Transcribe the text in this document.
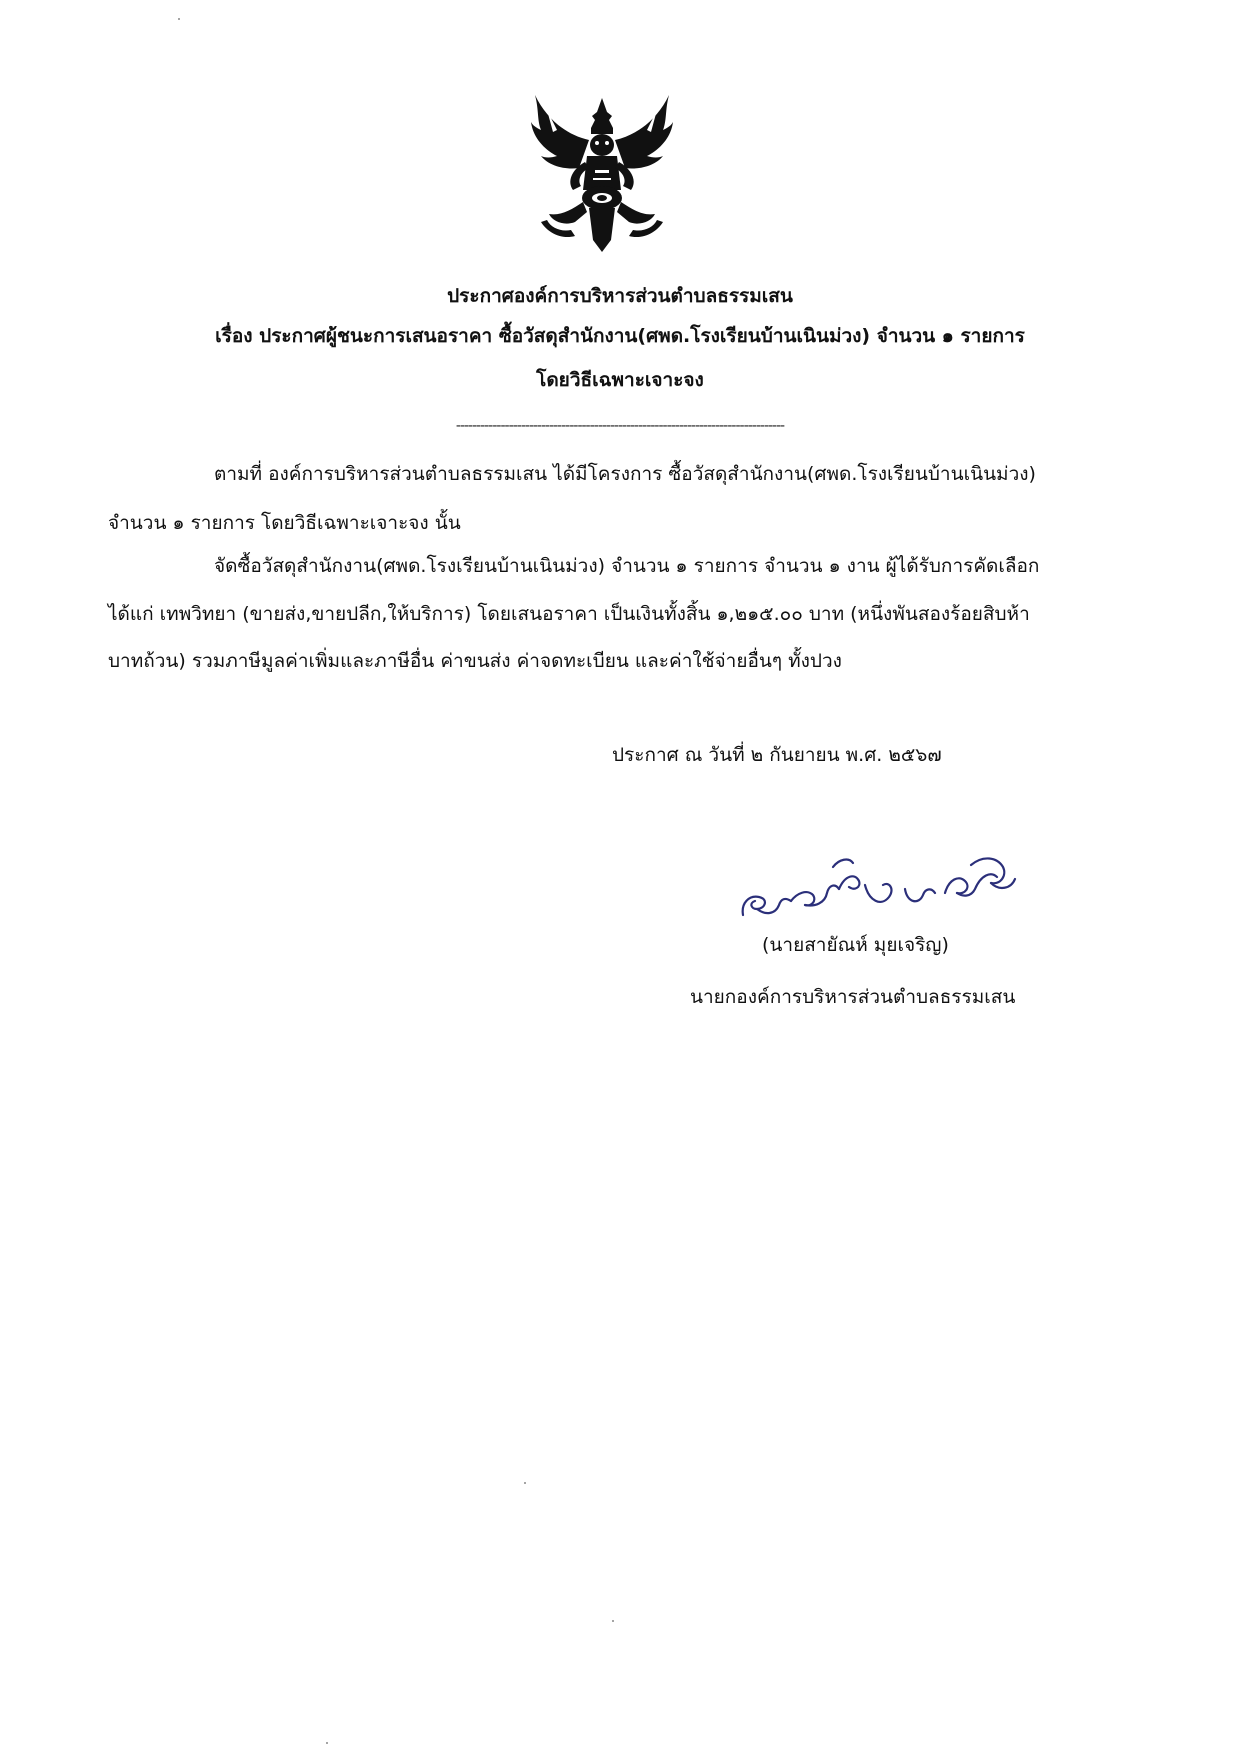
ประกาศองค์การบริหารส่วนตำบลธรรมเสน
เรื่อง ประกาศผู้ชนะการเสนอราคา ซื้อวัสดุสำนักงาน(ศพด.โรงเรียนบ้านเนินม่วง) จำนวน ๑ รายการ
โดยวิธีเฉพาะเจาะจง
---------------------------------------------------------------------------------
ตามที่ องค์การบริหารส่วนตำบลธรรมเสน ได้มีโครงการ ซื้อวัสดุสำนักงาน(ศพด.โรงเรียนบ้านเนินม่วง)
จำนวน ๑ รายการ โดยวิธีเฉพาะเจาะจง นั้น
จัดซื้อวัสดุสำนักงาน(ศพด.โรงเรียนบ้านเนินม่วง) จำนวน ๑ รายการ จำนวน ๑ งาน ผู้ได้รับการคัดเลือก
ได้แก่ เทพวิทยา (ขายส่ง,ขายปลีก,ให้บริการ) โดยเสนอราคา เป็นเงินทั้งสิ้น ๑,๒๑๕.๐๐ บาท (หนึ่งพันสองร้อยสิบห้า
บาทถ้วน) รวมภาษีมูลค่าเพิ่มและภาษีอื่น ค่าขนส่ง ค่าจดทะเบียน และค่าใช้จ่ายอื่นๆ ทั้งปวง
ประกาศ ณ วันที่ ๒ กันยายน พ.ศ. ๒๕๖๗
(นายสายัณห์ มุยเจริญ)
นายกองค์การบริหารส่วนตำบลธรรมเสน
